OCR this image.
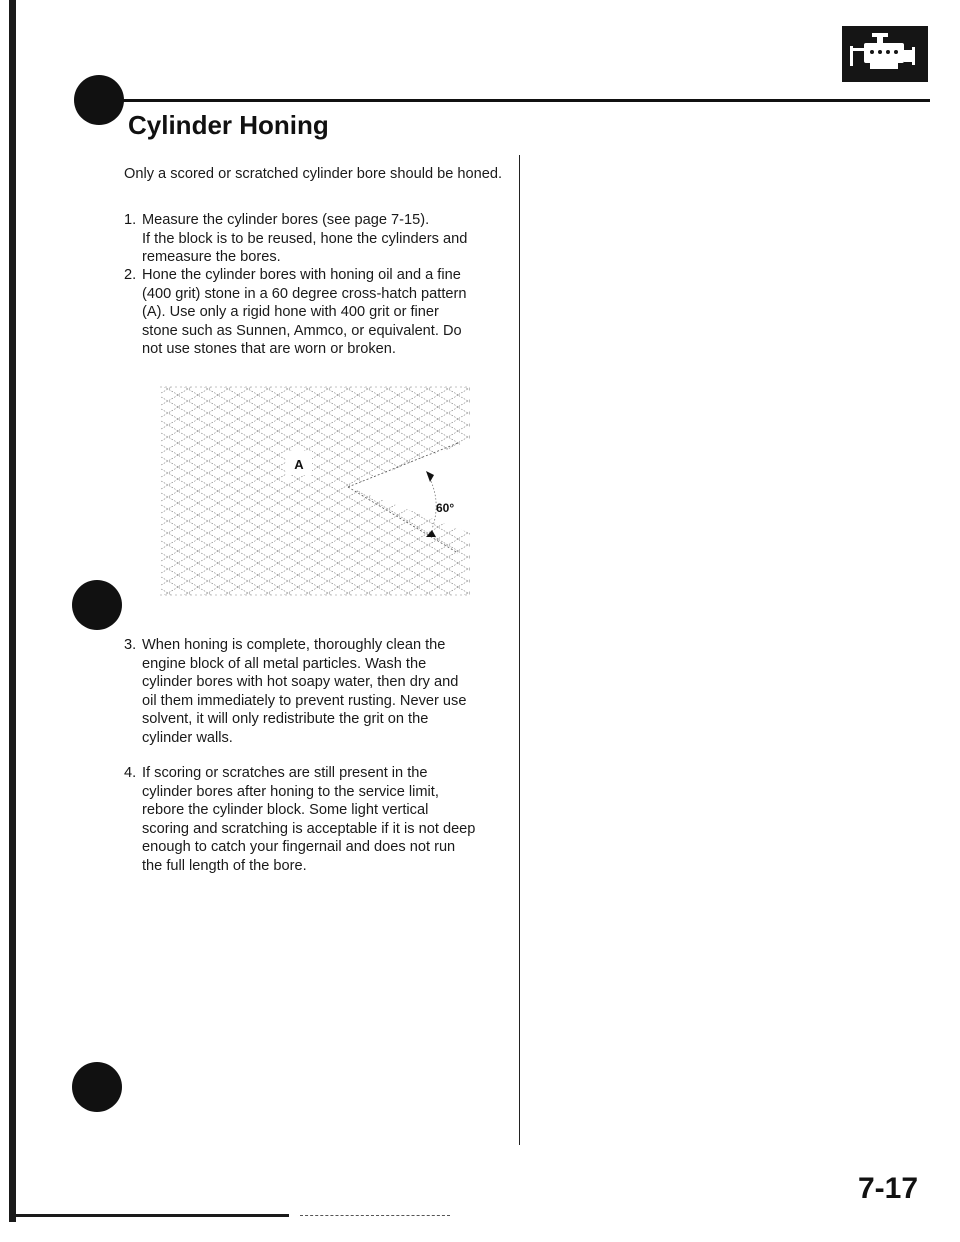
Cylinder Honing

Only a scored or scratched cylinder bore should be honed.

1. Measure the cylinder bores (see page 7-15).

If the block is to be reused, hone the cylinders and

remeasure the bores.

2. Hone the cylinder bores with honing oil and a fine

(400 grit) stone in a 60 degree cross-hatch pattern

(A). Use only a rigid hone with 400 grit or finer

stone such as Sunnen, Ammco, or equivalent. Do

not use stones that are worn or broken.

A
60°
3. When honing is complete, thoroughly clean the

engine block of all metal particles. Wash the

cylinder bores with hot soapy water, then dry and

oil them immediately to prevent rusting. Never use

solvent, it will only redistribute the grit on the

cylinder walls.

4. If scoring or scratches are still present in the

cylinder bores after honing to the service limit,

rebore the cylinder block. Some light vertical

scoring and scratching is acceptable if it is not deep

enough to catch your fingernail and does not run

the full length of the bore.

7-17
